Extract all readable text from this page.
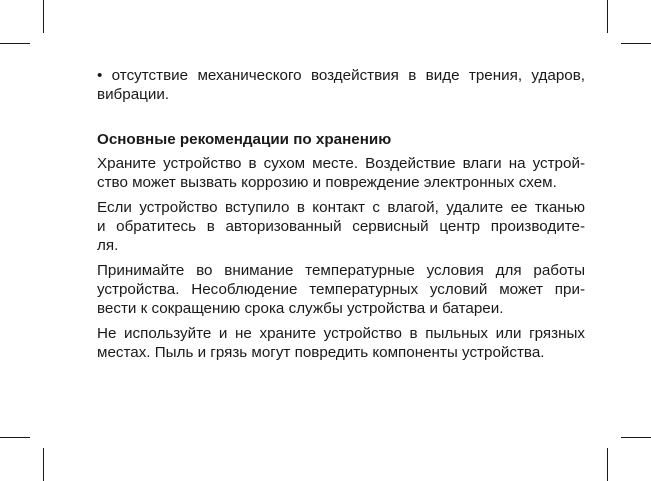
• отсутствие механического воздействия в виде трения, ударов,
вибрации.
Основные рекомендации по хранению
Храните устройство в сухом месте. Воздействие влаги на устрой-
ство может вызвать коррозию и повреждение электронных схем.
Если устройство вступило в контакт с влагой, удалите ее тканью
и обратитесь в авторизованный сервисный центр производите-
ля.
Принимайте во внимание температурные условия для работы
устройства. Несоблюдение температурных условий может при-
вести к сокращению срока службы устройства и батареи.
Не используйте и не храните устройство в пыльных или грязных
местах. Пыль и грязь могут повредить компоненты устройства.
